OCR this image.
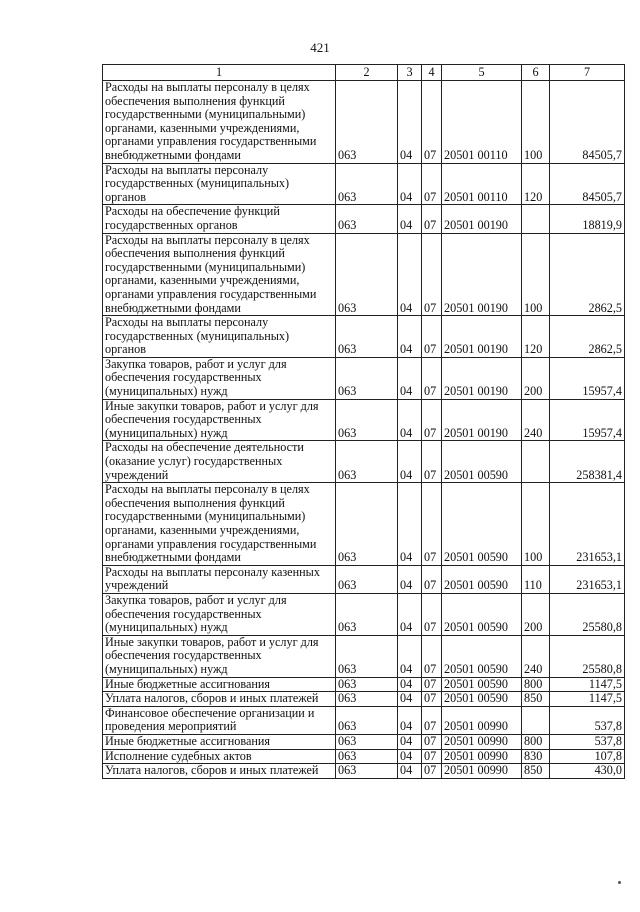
421
1	2	3	4	5	6	7
Расходы на выплаты персоналу в целях обеспечения выполнения функций государственными (муниципальными) органами, казенными учреждениями, органами управления государственными внебюджетными фондами	063	04	07	20501 00110	100	84505,7
Расходы на выплаты персоналу государственных (муниципальных) органов	063	04	07	20501 00110	120	84505,7
Расходы на обеспечение функций государственных органов	063	04	07	20501 00190		18819,9
Расходы на выплаты персоналу в целях обеспечения выполнения функций государственными (муниципальными) органами, казенными учреждениями, органами управления государственными внебюджетными фондами	063	04	07	20501 00190	100	2862,5
Расходы на выплаты персоналу государственных (муниципальных) органов	063	04	07	20501 00190	120	2862,5
Закупка товаров, работ и услуг для обеспечения государственных (муниципальных) нужд	063	04	07	20501 00190	200	15957,4
Иные закупки товаров, работ и услуг для обеспечения государственных (муниципальных) нужд	063	04	07	20501 00190	240	15957,4
Расходы на обеспечение деятельности (оказание услуг) государственных учреждений	063	04	07	20501 00590		258381,4
Расходы на выплаты персоналу в целях обеспечения выполнения функций государственными (муниципальными) органами, казенными учреждениями, органами управления государственными внебюджетными фондами	063	04	07	20501 00590	100	231653,1
Расходы на выплаты персоналу казенных учреждений	063	04	07	20501 00590	110	231653,1
Закупка товаров, работ и услуг для обеспечения государственных (муниципальных) нужд	063	04	07	20501 00590	200	25580,8
Иные закупки товаров, работ и услуг для обеспечения государственных (муниципальных) нужд	063	04	07	20501 00590	240	25580,8
Иные бюджетные ассигнования	063	04	07	20501 00590	800	1147,5
Уплата налогов, сборов и иных платежей	063	04	07	20501 00590	850	1147,5
Финансовое обеспечение организации и проведения мероприятий	063	04	07	20501 00990		537,8
Иные бюджетные ассигнования	063	04	07	20501 00990	800	537,8
Исполнение судебных актов	063	04	07	20501 00990	830	107,8
Уплата налогов, сборов и иных платежей	063	04	07	20501 00990	850	430,0
